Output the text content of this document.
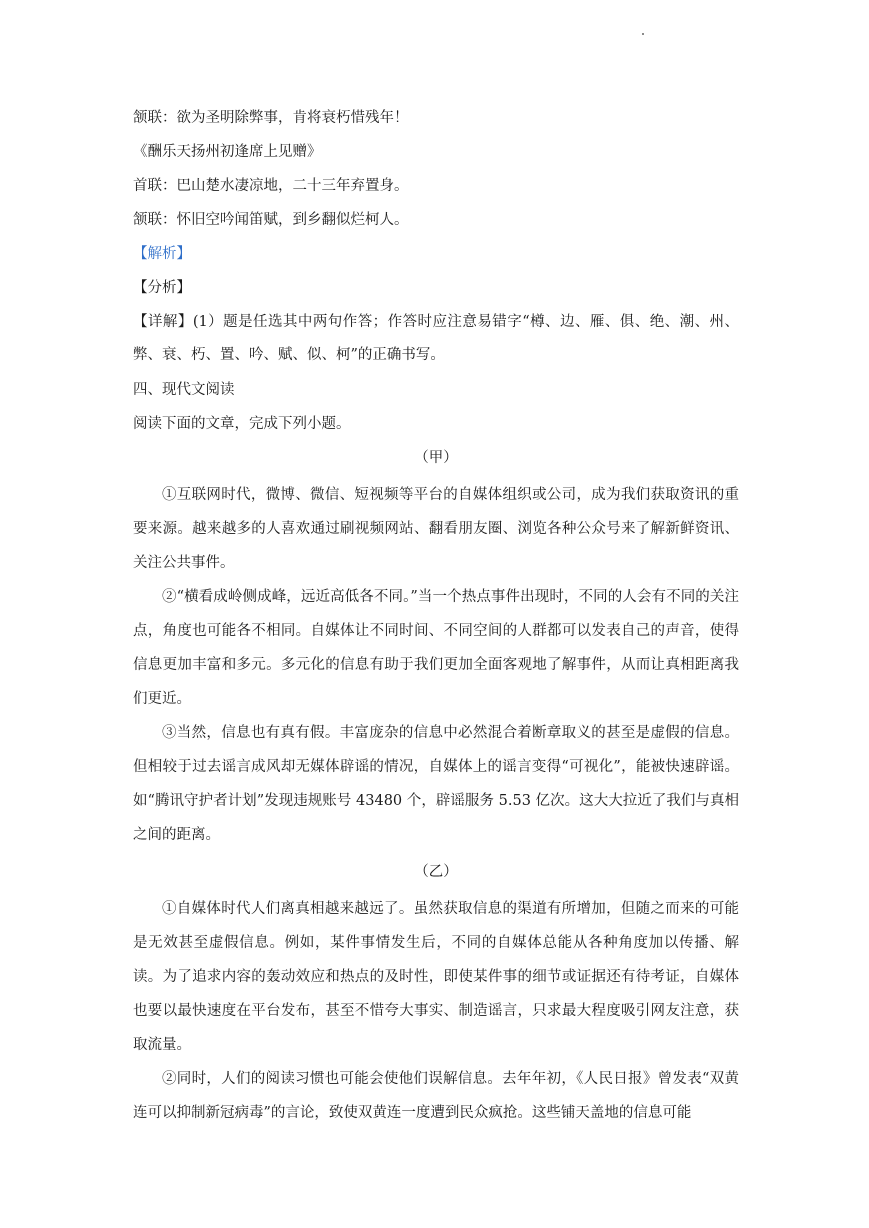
颔联：欲为圣明除弊事，肯将衰朽惜残年！

《酬乐天扬州初逢席上见赠》

首联：巴山楚水凄凉地，二十三年弃置身。

颔联：怀旧空吟闻笛赋，到乡翻似烂柯人。

【解析】

【分析】

【详解】(1）题是任选其中两句作答；作答时应注意易错字“樽、边、雁、俱、绝、潮、州、弊、衰、朽、置、吟、赋、似、柯”的正确书写。

四、现代文阅读

阅读下面的文章，完成下列小题。

（甲）

①互联网时代，微博、微信、短视频等平台的自媒体组织或公司，成为我们获取资讯的重要来源。越来越多的人喜欢通过刷视频网站、翻看朋友圈、浏览各种公众号来了解新鲜资讯、关注公共事件。

②“横看成岭侧成峰，远近高低各不同。”当一个热点事件出现时，不同的人会有不同的关注点，角度也可能各不相同。自媒体让不同时间、不同空间的人群都可以发表自己的声音，使得信息更加丰富和多元。多元化的信息有助于我们更加全面客观地了解事件，从而让真相距离我们更近。

③当然，信息也有真有假。丰富庞杂的信息中必然混合着断章取义的甚至是虚假的信息。但相较于过去谣言成风却无媒体辟谣的情况，自媒体上的谣言变得“可视化”，能被快速辟谣。如“腾讯守护者计划”发现违规账号 43480 个，辟谣服务 5.53 亿次。这大大拉近了我们与真相之间的距离。

（乙）

①自媒体时代人们离真相越来越远了。虽然获取信息的渠道有所增加，但随之而来的可能是无效甚至虚假信息。例如，某件事情发生后，不同的自媒体总能从各种角度加以传播、解读。为了追求内容的轰动效应和热点的及时性，即使某件事的细节或证据还有待考证，自媒体也要以最快速度在平台发布，甚至不惜夸大事实、制造谣言，只求最大程度吸引网友注意，获取流量。

②同时，人们的阅读习惯也可能会使他们误解信息。去年年初，《人民日报》曾发表“双黄连可以抑制新冠病毒”的言论，致使双黄连一度遭到民众疯抢。这些铺天盖地的信息可能
